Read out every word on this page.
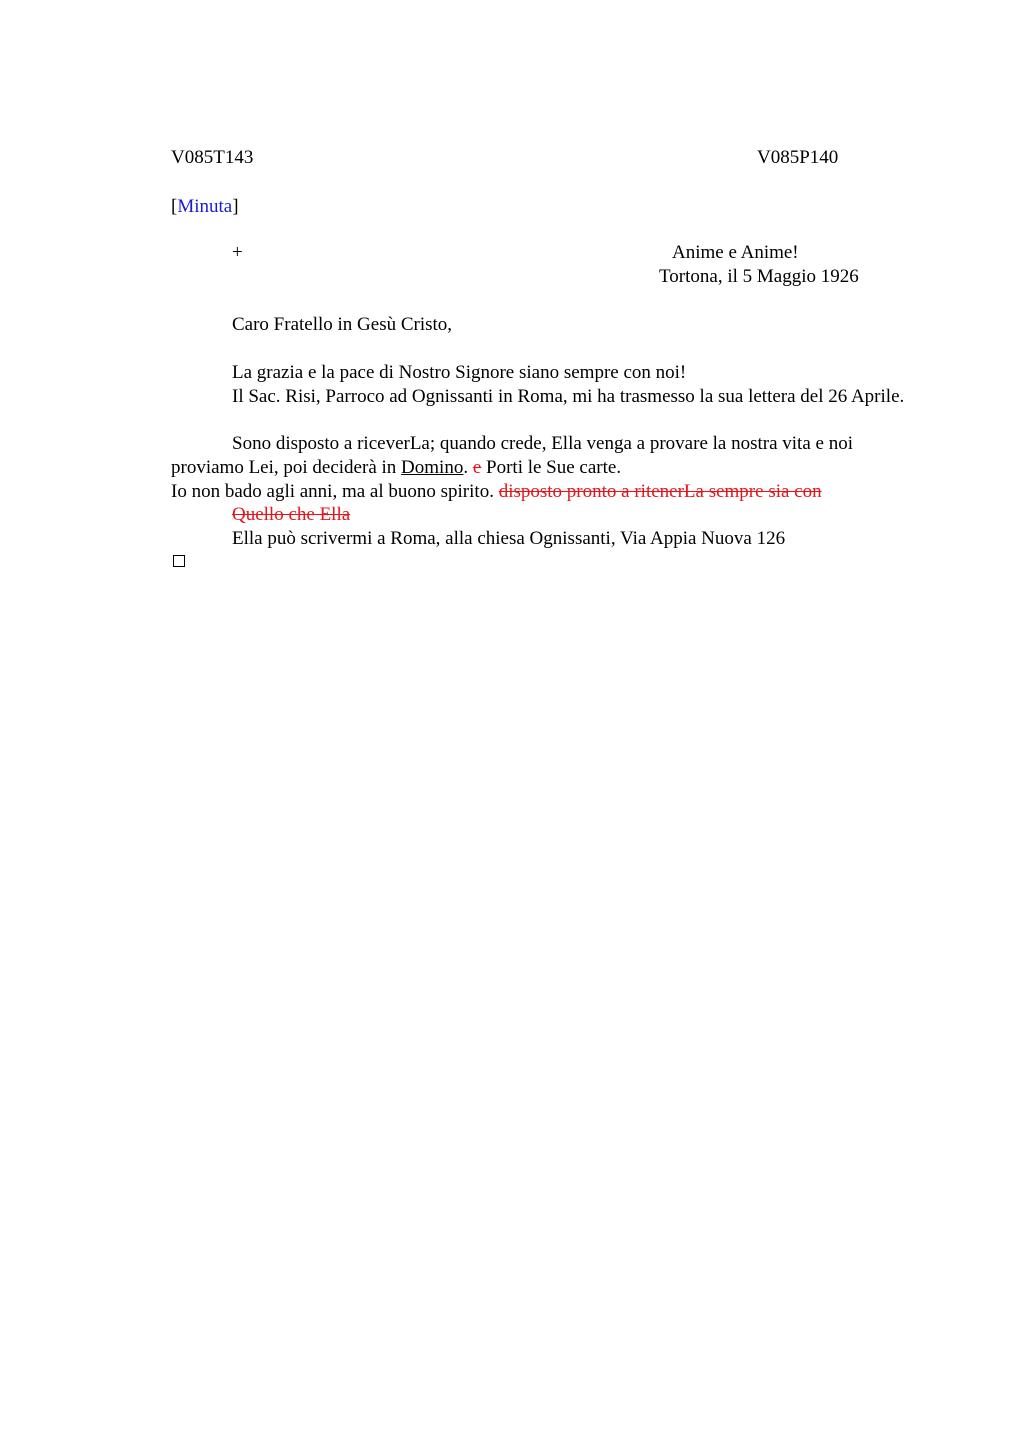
V085T143	V085P140
[Minuta]
+	Anime e Anime!
Tortona, il 5 Maggio 1926
Caro Fratello in Gesù Cristo,
La grazia e la pace di Nostro Signore siano sempre con noi!
Il Sac. Risi, Parroco ad Ognissanti in Roma, mi ha trasmesso la sua lettera del 26 Aprile.
Sono disposto a riceverLa; quando crede, Ella venga a provare la nostra vita e noi proviamo Lei, poi deciderà in Domino. e Porti le Sue carte.
Io non bado agli anni, ma al buono spirito. disposto pronto a ritenerLa sempre sia con
Quello che Ella
Ella può scrivermi a Roma, alla chiesa Ognissanti, Via Appia Nuova 126
